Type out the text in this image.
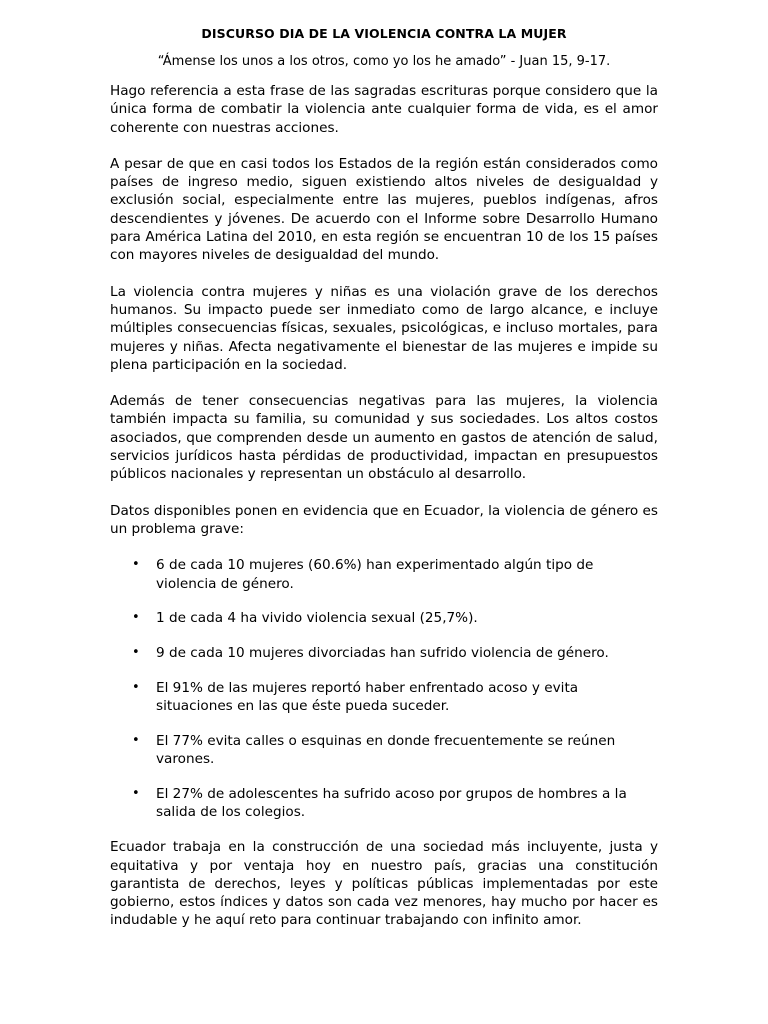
DISCURSO DIA DE LA VIOLENCIA CONTRA LA MUJER

“Ámense los unos a los otros, como yo los he amado” - Juan 15, 9-17.

Hago referencia a esta frase de las sagradas escrituras porque considero que la única forma de combatir la violencia ante cualquier forma de vida, es el amor coherente con nuestras acciones.

A pesar de que en casi todos los Estados de la región están considerados como países de ingreso medio, siguen existiendo altos niveles de desigualdad y exclusión social, especialmente entre las mujeres, pueblos indígenas, afros descendientes y jóvenes. De acuerdo con el Informe sobre Desarrollo Humano para América Latina del 2010, en esta región se encuentran 10 de los 15 países con mayores niveles de desigualdad del mundo.

La violencia contra mujeres y niñas es una violación grave de los derechos humanos. Su impacto puede ser inmediato como de largo alcance, e incluye múltiples consecuencias físicas, sexuales, psicológicas, e incluso mortales, para mujeres y niñas. Afecta negativamente el bienestar de las mujeres e impide su plena participación en la sociedad.

Además de tener consecuencias negativas para las mujeres, la violencia también impacta su familia, su comunidad y sus sociedades. Los altos costos asociados, que comprenden desde un aumento en gastos de atención de salud, servicios jurídicos hasta pérdidas de productividad, impactan en presupuestos públicos nacionales y representan un obstáculo al desarrollo.

Datos disponibles ponen en evidencia que en Ecuador, la violencia de género es un problema grave:

• 6 de cada 10 mujeres (60.6%) han experimentado algún tipo de violencia de género.
• 1 de cada 4 ha vivido violencia sexual (25,7%).
• 9 de cada 10 mujeres divorciadas han sufrido violencia de género.
• El 91% de las mujeres reportó haber enfrentado acoso y evita situaciones en las que éste pueda suceder.
• El 77% evita calles o esquinas en donde frecuentemente se reúnen varones.
• El 27% de adolescentes ha sufrido acoso por grupos de hombres a la salida de los colegios.

Ecuador trabaja en la construcción de una sociedad más incluyente, justa y equitativa y por ventaja hoy en nuestro país, gracias una constitución garantista de derechos, leyes y políticas públicas implementadas por este gobierno, estos índices y datos son cada vez menores, hay mucho por hacer es indudable y he aquí reto para continuar trabajando con infinito amor.
